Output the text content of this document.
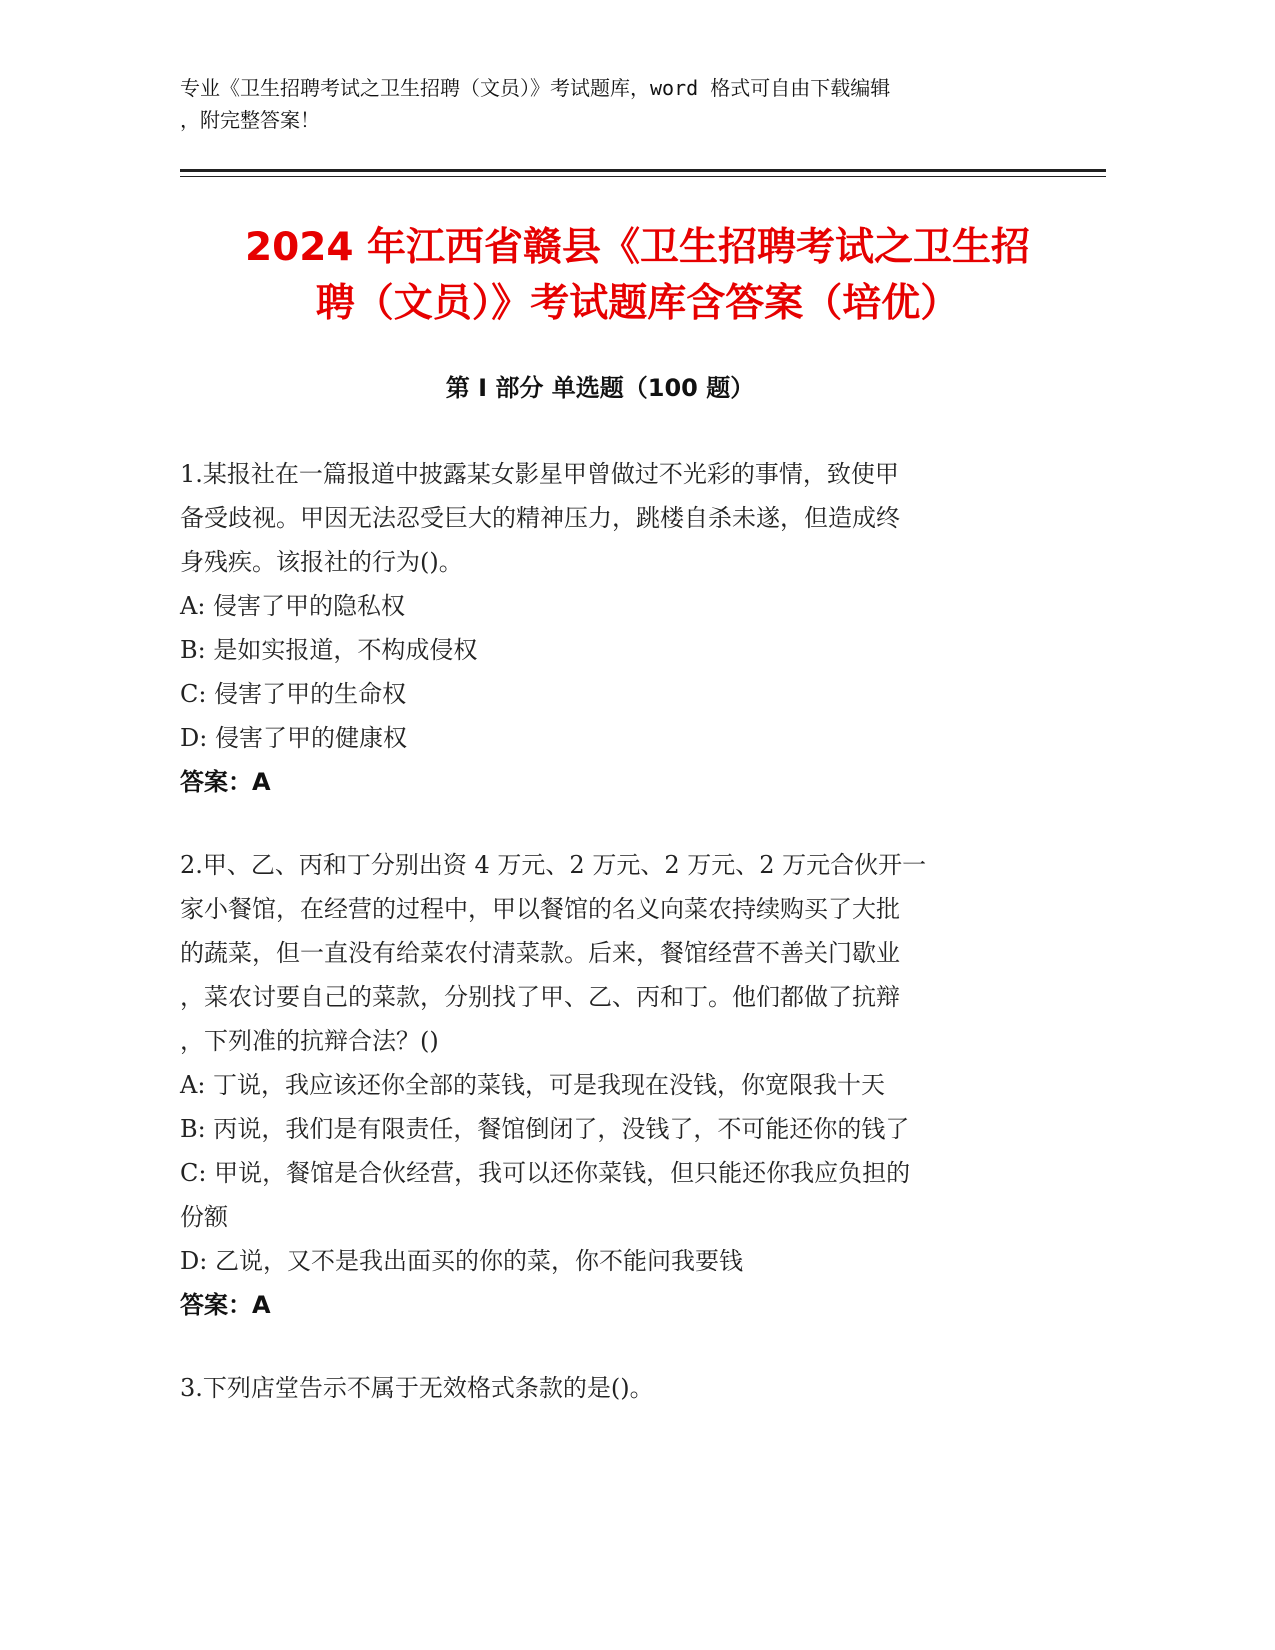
专业《卫生招聘考试之卫生招聘（文员）》考试题库，word 格式可自由下载编辑
，附完整答案！
2024 年江西省赣县《卫生招聘考试之卫生招
聘（文员）》考试题库含答案（培优）
第 I 部分 单选题（100 题）
1.某报社在一篇报道中披露某女影星甲曾做过不光彩的事情，致使甲
备受歧视。甲因无法忍受巨大的精神压力，跳楼自杀未遂，但造成终
身残疾。该报社的行为()。
A: 侵害了甲的隐私权
B: 是如实报道，不构成侵权
C: 侵害了甲的生命权
D: 侵害了甲的健康权
答案：A
2.甲、乙、丙和丁分别出资 4 万元、2 万元、2 万元、2 万元合伙开一
家小餐馆，在经营的过程中，甲以餐馆的名义向菜农持续购买了大批
的蔬菜，但一直没有给菜农付清菜款。后来，餐馆经营不善关门歇业
，菜农讨要自己的菜款，分别找了甲、乙、丙和丁。他们都做了抗辩
，下列准的抗辩合法？()
A: 丁说，我应该还你全部的菜钱，可是我现在没钱，你宽限我十天
B: 丙说，我们是有限责任，餐馆倒闭了，没钱了，不可能还你的钱了
C: 甲说，餐馆是合伙经营，我可以还你菜钱，但只能还你我应负担的
份额
D: 乙说，又不是我出面买的你的菜，你不能问我要钱
答案：A
3.下列店堂告示不属于无效格式条款的是()。
